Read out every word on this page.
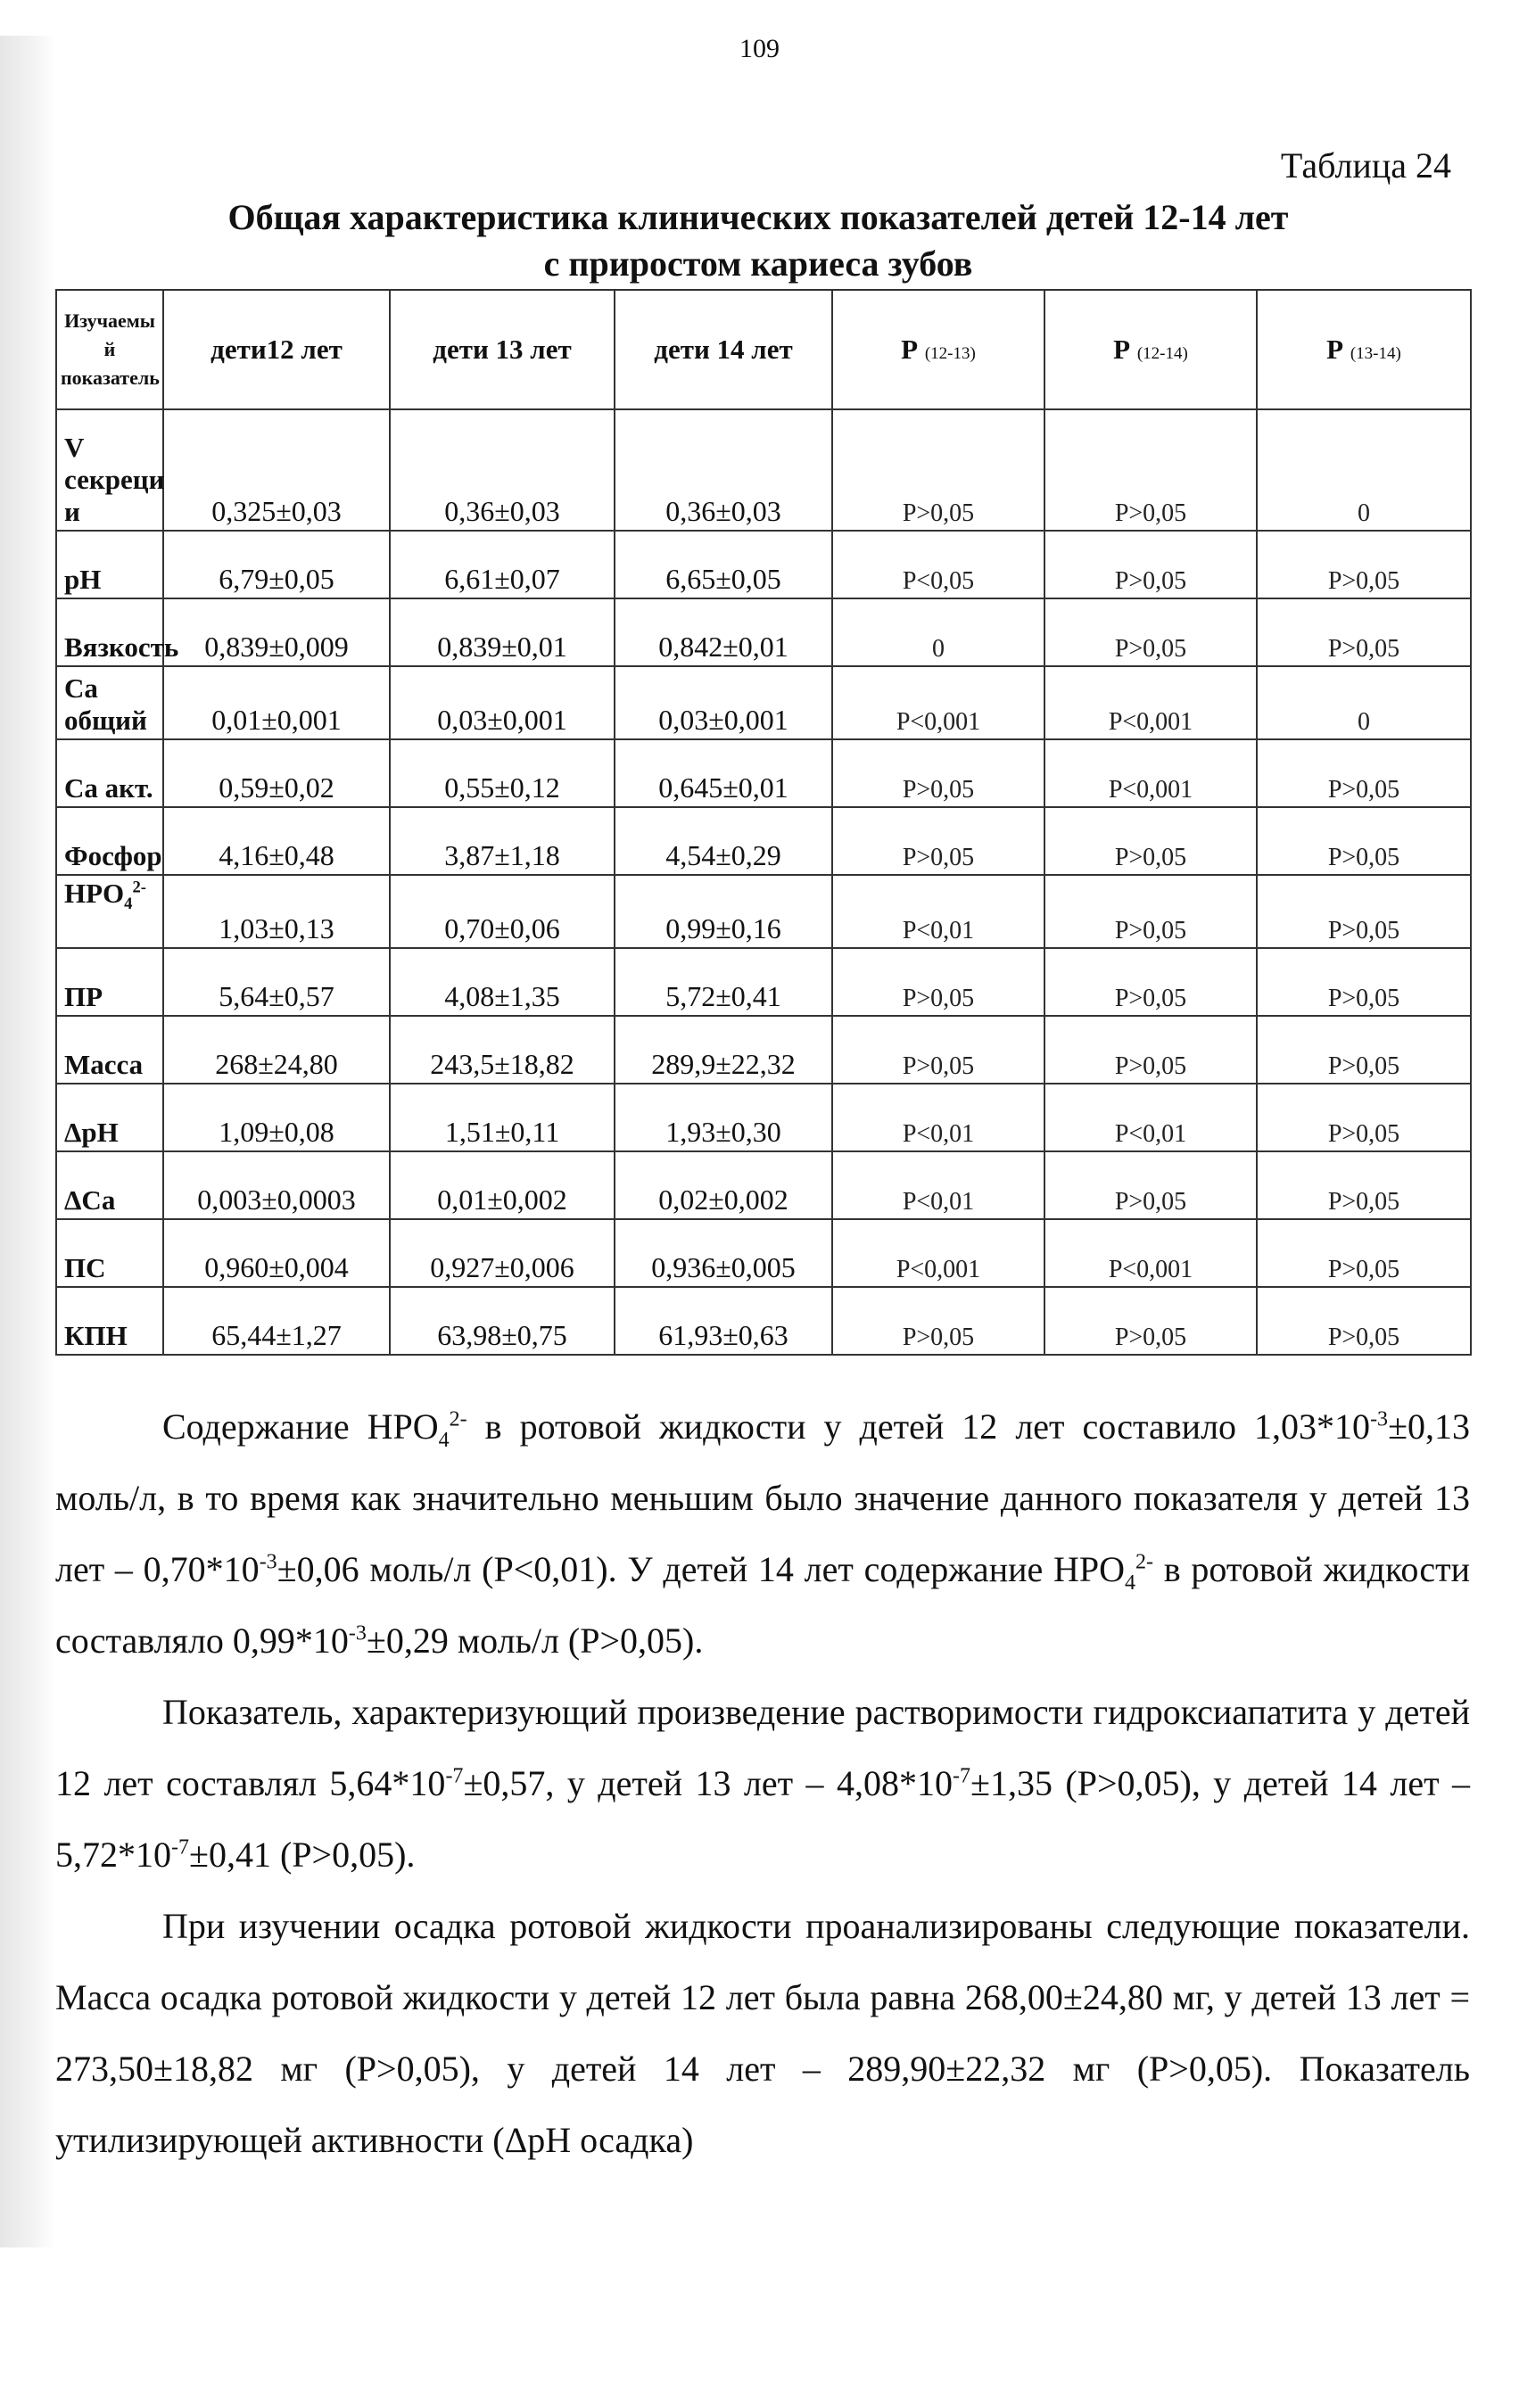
109
Таблица 24
Общая характеристика клинических показателей детей 12-14 лет
с приростом кариеса зубов
Изучаемы
й
показатель	дети12 лет	дети 13 лет	дети 14 лет	Р (12-13)	Р (12-14)	Р (13-14)

V
секреци
и	0,325±0,03	0,36±0,03	0,36±0,03	P>0,05	P>0,05	0
рН	6,79±0,05	6,61±0,07	6,65±0,05	P<0,05	P>0,05	P>0,05
Вязкость	0,839±0,009	0,839±0,01	0,842±0,01	0	P>0,05	P>0,05

Са
общий	0,01±0,001	0,03±0,001	0,03±0,001	P<0,001	P<0,001	0
Са акт.	0,59±0,02	0,55±0,12	0,645±0,01	P>0,05	P<0,001	P>0,05
Фосфор	4,16±0,48	3,87±1,18	4,54±0,29	P>0,05	P>0,05	P>0,05
$HPO_4^{2-}$	1,03±0,13	0,70±0,06	0,99±0,16	P<0,01	P>0,05	P>0,05
ПР	5,64±0,57	4,08±1,35	5,72±0,41	P>0,05	P>0,05	P>0,05
Масса	268±24,80	243,5±18,82	289,9±22,32	P>0,05	P>0,05	P>0,05
ΔрН	1,09±0,08	1,51±0,11	1,93±0,30	P<0,01	P<0,01	P>0,05
ΔCa	0,003±0,0003	0,01±0,002	0,02±0,002	P<0,01	P>0,05	P>0,05
ПС	0,960±0,004	0,927±0,006	0,936±0,005	P<0,001	P<0,001	P>0,05
КПН	65,44±1,27	63,98±0,75	61,93±0,63	P>0,05	P>0,05	P>0,05

Содержание $HPO_4^{2-}$ в ротовой жидкости у детей 12 лет составило $1,03*10^{-3}\pm 0,13$ моль/л, в то время как значительно меньшим было значение данного показателя у детей 13 лет – $0,70*10^{-3}\pm 0,06$ моль/л (Р<0,01). У детей 14 лет содержание $HPO_4^{2-}$ в ротовой жидкости составляло $0,99*10^{-3}\pm 0,29$ моль/л (Р>0,05).

Показатель, характеризующий произведение растворимости гидроксиапатита у детей 12 лет составлял $5,64*10^{-7}\pm 0,57$, у детей 13 лет – $4,08*10^{-7}\pm 1,35$ (Р>0,05), у детей 14 лет – $5,72*10^{-7}\pm 0,41$ (Р>0,05).

При изучении осадка ротовой жидкости проанализированы следующие показатели. Масса осадка ротовой жидкости у детей 12 лет была равна 268,00±24,80 мг, у детей 13 лет = 273,50±18,82 мг (Р>0,05), у детей 14 лет – 289,90±22,32 мг (Р>0,05). Показатель утилизирующей активности (ΔрН осадка)
